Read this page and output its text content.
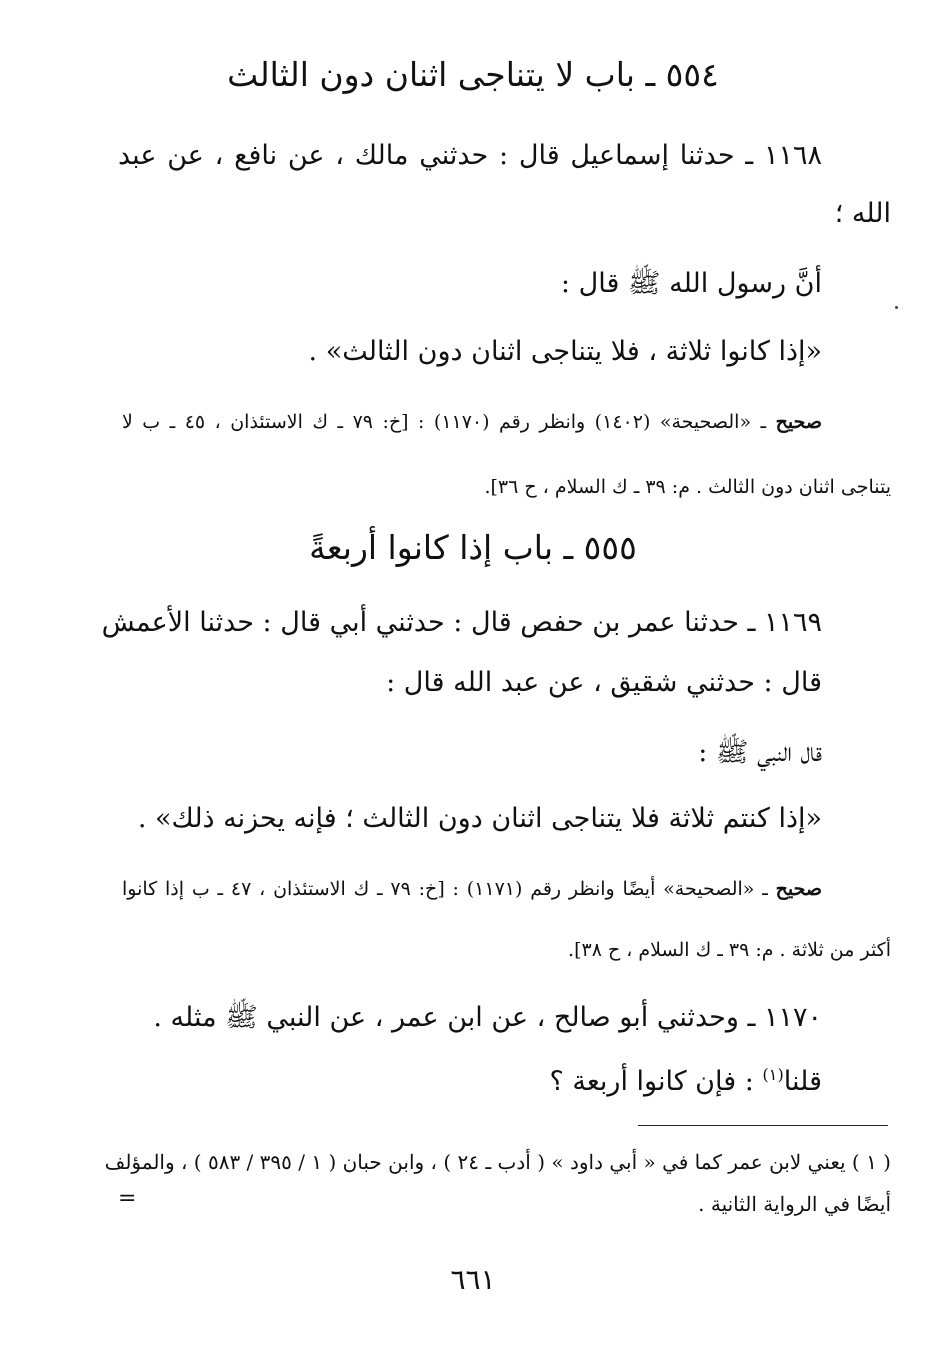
٥٥٤ ـ باب لا يتناجى اثنان دون الثالث
١١٦٨ ـ حدثنا إسماعيل قال : حدثني مالك ، عن نافع ، عن عبد
الله ؛
أنَّ رسول الله ﷺ قال :
«إذا كانوا ثلاثة ، فلا يتناجى اثنان دون الثالث» .
صحيح ـ «الصحيحة» (١٤٠٢) وانظر رقم (١١٧٠) : [خ: ٧٩ ـ ك الاستئذان ، ٤٥ ـ ب لا
يتناجى اثنان دون الثالث . م: ٣٩ ـ ك السلام ، ح ٣٦].
٥٥٥ ـ باب إذا كانوا أربعةً
١١٦٩ ـ حدثنا عمر بن حفص قال : حدثني أبي قال : حدثنا الأعمش
قال : حدثني شقيق ، عن عبد الله قال :
قال النبي ﷺ :
«إذا كنتم ثلاثة فلا يتناجى اثنان دون الثالث ؛ فإنه يحزنه ذلك» .
صحيح ـ «الصحيحة» أيضًا وانظر رقم (١١٧١) : [خ: ٧٩ ـ ك الاستئذان ، ٤٧ ـ ب إذا كانوا
أكثر من ثلاثة . م: ٣٩ ـ ك السلام ، ح ٣٨].
١١٧٠ ـ وحدثني أبو صالح ، عن ابن عمر ، عن النبي ﷺ مثله .
قلنا$^{(١)}$ : فإن كانوا أربعة ؟
( ١ ) يعني لابن عمر كما في « أبي داود » ( أدب ـ ٢٤ ) ، وابن حبان ( ١ / ٣٩٥ / ٥٨٣ ) ، والمؤلف
أيضًا في الرواية الثانية .
=
٦٦١
